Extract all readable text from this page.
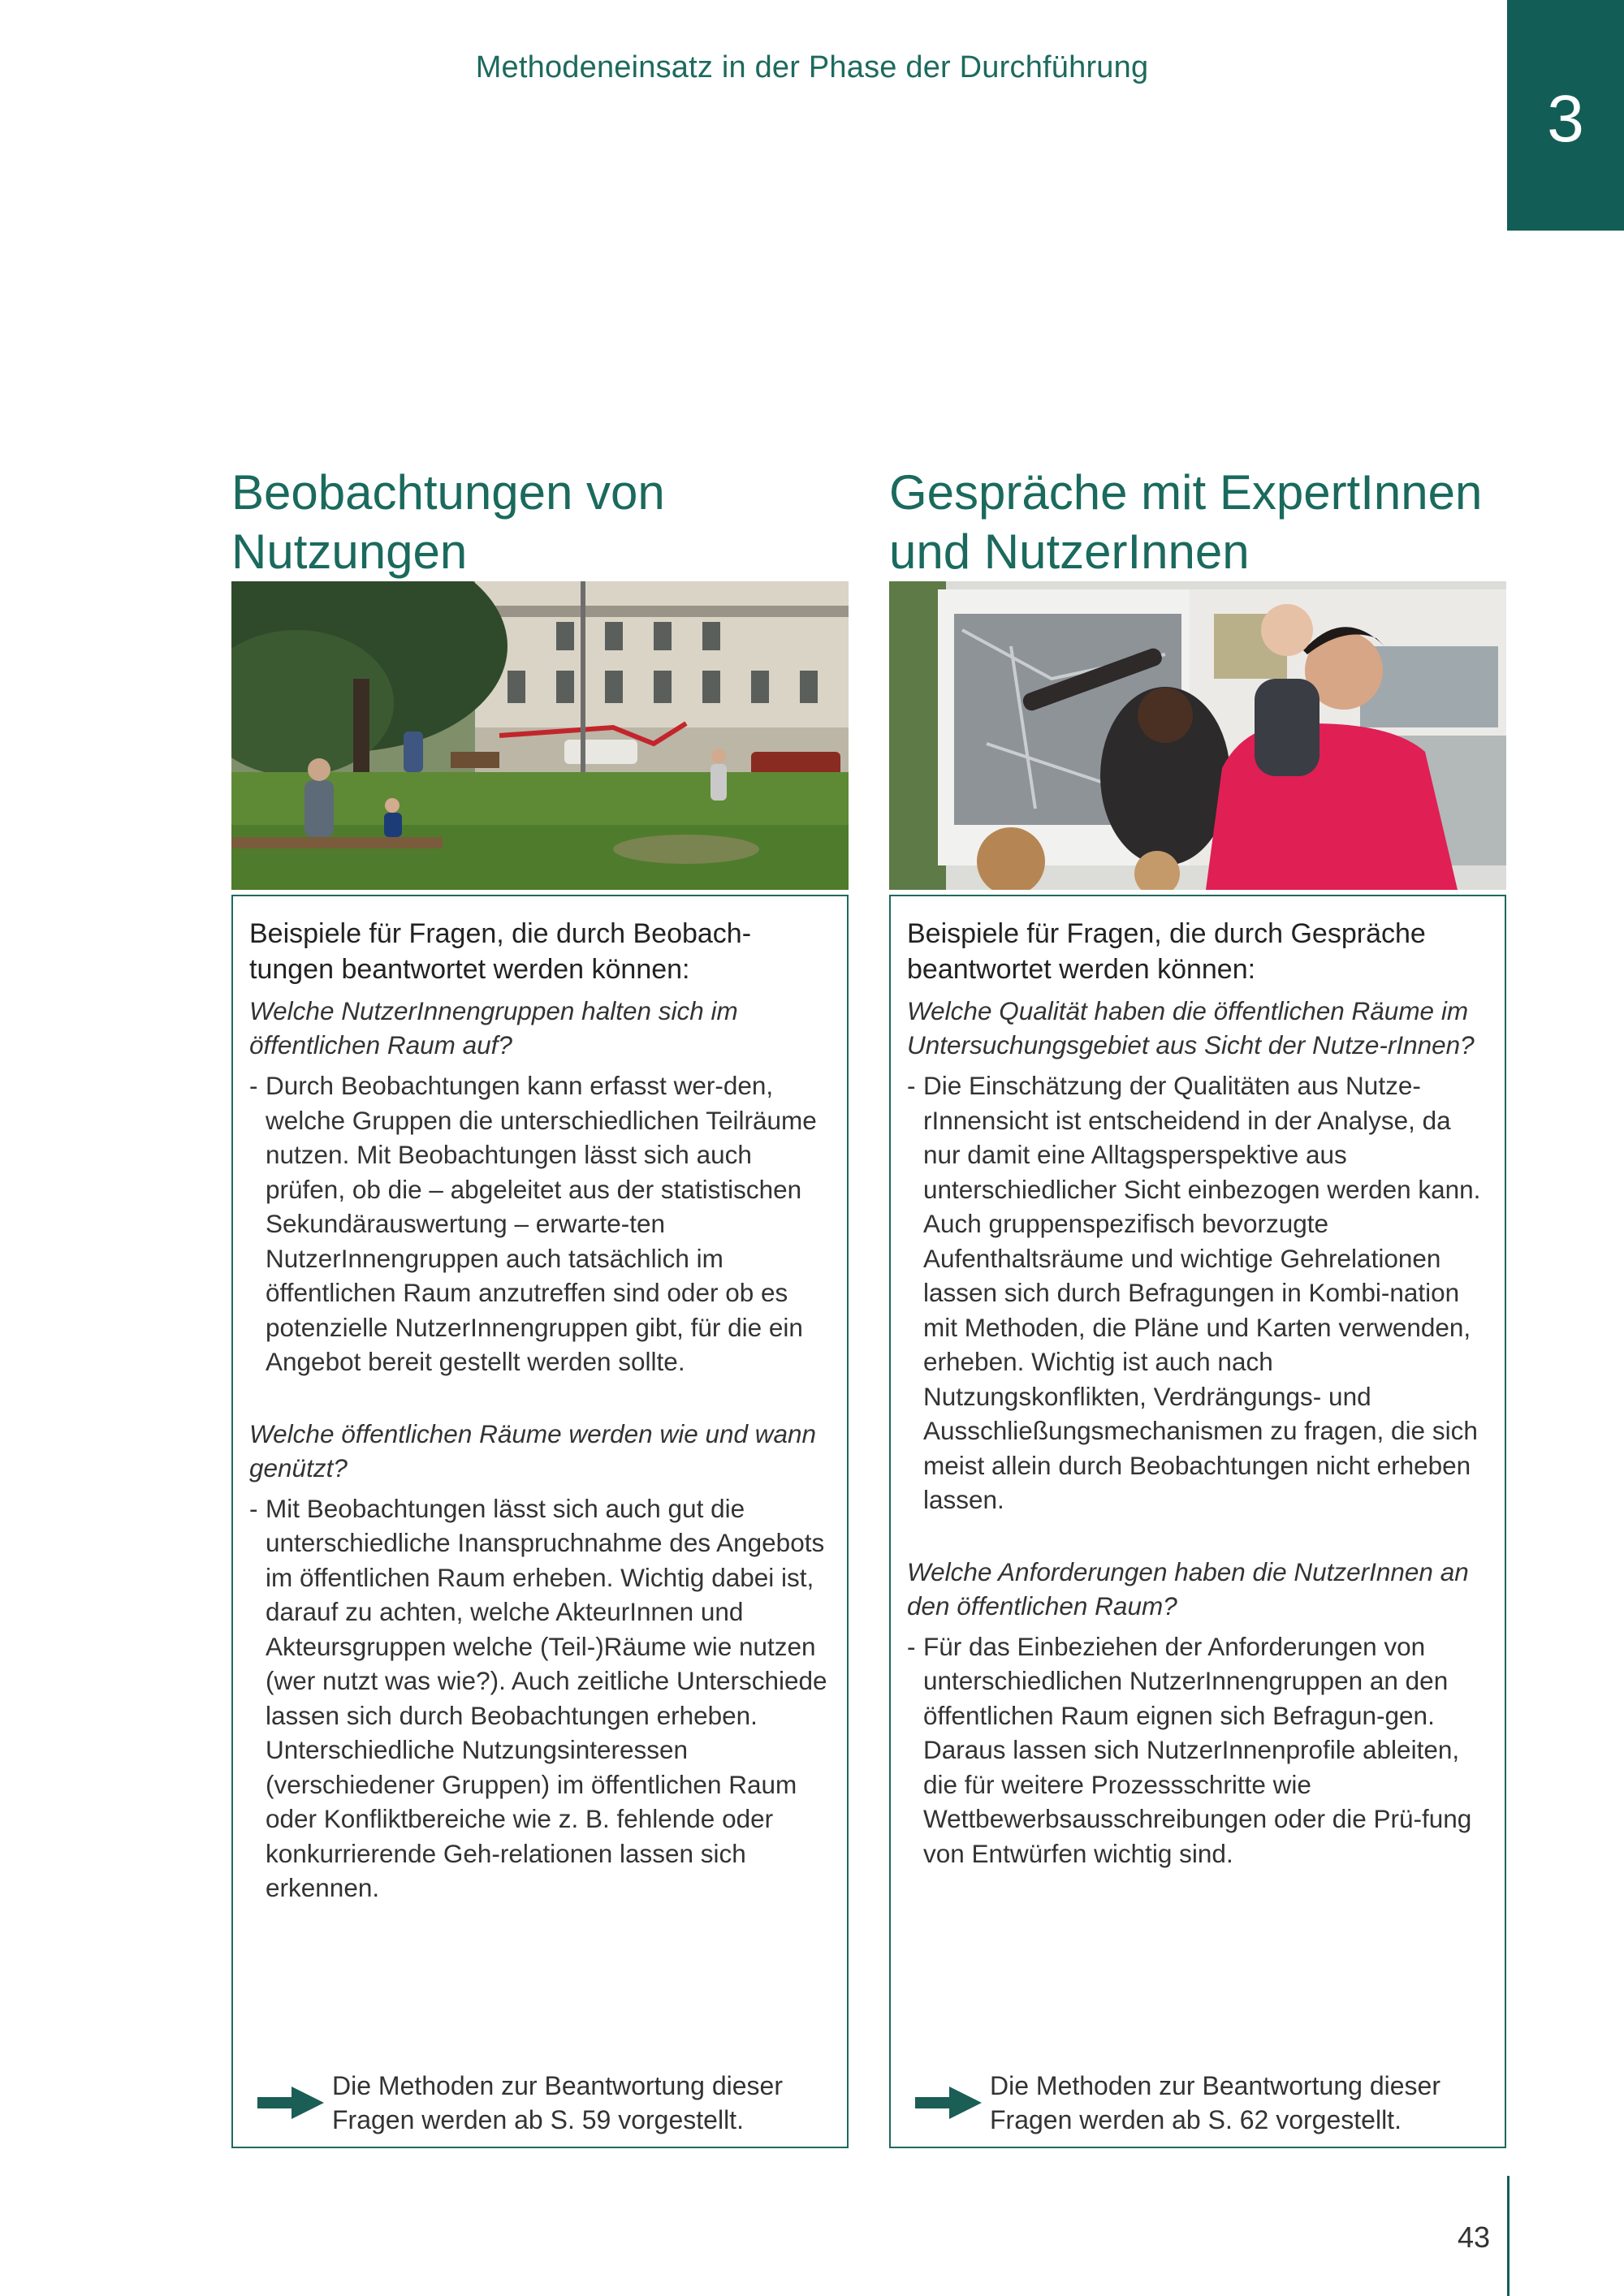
Methodeneinsatz in der Phase der Durchführung
3
Beobachtungen von
Nutzungen
Beispiele für Fragen, die durch Beobach-tungen beantwortet werden können:
Welche NutzerInnengruppen halten sich im öffentlichen Raum auf?
- Durch Beobachtungen kann erfasst wer-den, welche Gruppen die unterschiedlichen Teilräume nutzen. Mit Beobachtungen lässt sich auch prüfen, ob die – abgeleitet aus der statistischen Sekundärauswertung – erwarte-ten NutzerInnengruppen auch tatsächlich im öffentlichen Raum anzutreffen sind oder ob es potenzielle NutzerInnengruppen gibt, für die ein Angebot bereit gestellt werden sollte.
Welche öffentlichen Räume werden wie und wann genützt?
- Mit Beobachtungen lässt sich auch gut die unterschiedliche Inanspruchnahme des Angebots im öffentlichen Raum erheben. Wichtig dabei ist, darauf zu achten, welche AkteurInnen und Akteursgruppen welche (Teil-)Räume wie nutzen (wer nutzt was wie?). Auch zeitliche Unterschiede lassen sich durch Beobachtungen erheben. Unterschiedliche Nutzungsinteressen (verschiedener Gruppen) im öffentlichen Raum oder Konfliktbereiche wie z. B. fehlende oder konkurrierende Geh-relationen lassen sich erkennen.
Die Methoden zur Beantwortung dieser
Fragen werden ab S. 59 vorgestellt.
Gespräche mit ExpertInnen
und NutzerInnen
Beispiele für Fragen, die durch Gespräche beantwortet werden können:
Welche Qualität haben die öffentlichen Räume im Untersuchungsgebiet aus Sicht der Nutze-rInnen?
- Die Einschätzung der Qualitäten aus Nutze-rInnensicht ist entscheidend in der Analyse, da nur damit eine Alltagsperspektive aus unterschiedlicher Sicht einbezogen werden kann. Auch gruppenspezifisch bevorzugte Aufenthaltsräume und wichtige Gehrelationen lassen sich durch Befragungen in Kombi-nation mit Methoden, die Pläne und Karten verwenden, erheben. Wichtig ist auch nach Nutzungskonflikten, Verdrängungs- und Ausschließungsmechanismen zu fragen, die sich meist allein durch Beobachtungen nicht erheben lassen.
Welche Anforderungen haben die NutzerInnen an den öffentlichen Raum?
- Für das Einbeziehen der Anforderungen von unterschiedlichen NutzerInnengruppen an den öffentlichen Raum eignen sich Befragun-gen. Daraus lassen sich NutzerInnenprofile ableiten, die für weitere Prozessschritte wie Wettbewerbsausschreibungen oder die Prü-fung von Entwürfen wichtig sind.
Die Methoden zur Beantwortung dieser
Fragen werden ab S. 62 vorgestellt.
43
